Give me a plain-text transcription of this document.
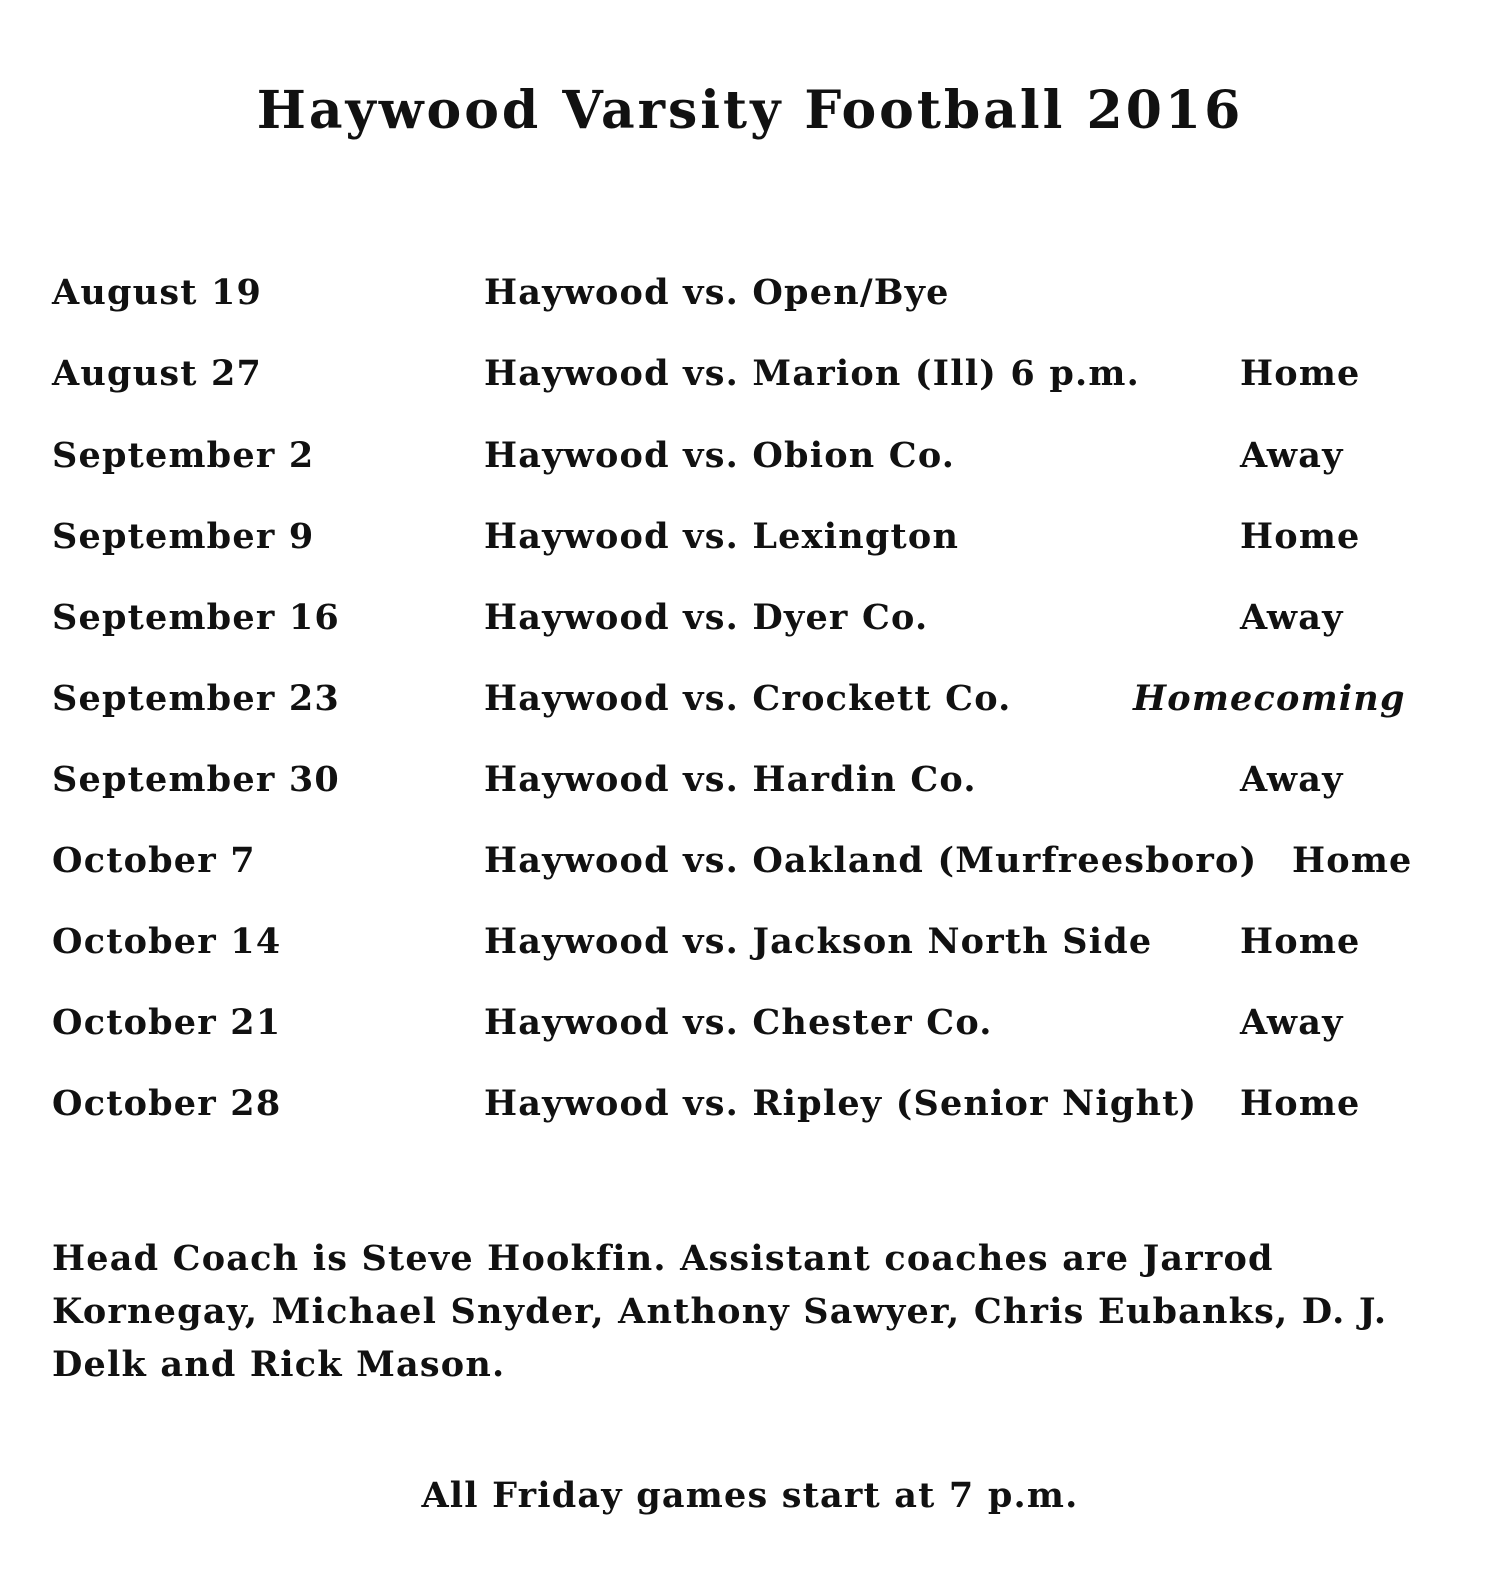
Haywood Varsity Football 2016
August 19	Haywood vs. Open/Bye
August 27	Haywood vs. Marion (Ill) 6 p.m.	Home
September 2	Haywood vs. Obion Co.	Away
September 9	Haywood vs. Lexington	Home
September 16	Haywood vs. Dyer Co.	Away
September 23	Haywood vs. Crockett Co.	Homecoming
September 30	Haywood vs. Hardin Co.	Away
October 7	Haywood vs. Oakland (Murfreesboro) Home
October 14	Haywood vs. Jackson North Side	Home
October 21	Haywood vs. Chester Co.	Away
October 28	Haywood vs. Ripley (Senior Night) Home
Head Coach is Steve Hookfin. Assistant coaches are Jarrod Kornegay, Michael Snyder, Anthony Sawyer, Chris Eubanks, D. J. Delk and Rick Mason.
All Friday games start at 7 p.m.
